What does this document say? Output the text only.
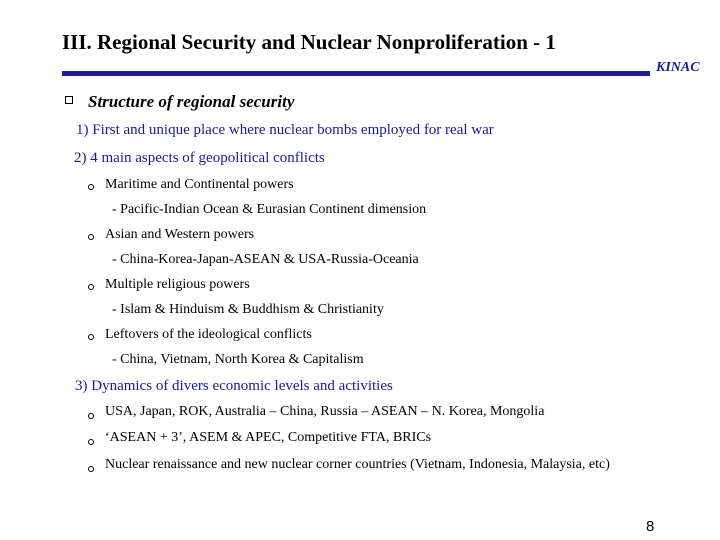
III. Regional Security and Nuclear Nonproliferation - 1
KINAC
Structure of regional security
1) First and unique place where nuclear bombs employed for real war
2) 4 main aspects of geopolitical conflicts
Maritime and Continental powers
- Pacific-Indian Ocean & Eurasian Continent dimension
Asian and Western powers
- China-Korea-Japan-ASEAN & USA-Russia-Oceania
Multiple religious powers
- Islam & Hinduism & Buddhism & Christianity
Leftovers of the ideological conflicts
- China, Vietnam, North Korea & Capitalism
3) Dynamics of divers economic levels and activities
USA, Japan, ROK, Australia – China, Russia – ASEAN – N. Korea, Mongolia
‘ASEAN + 3’, ASEM & APEC, Competitive FTA, BRICs
Nuclear renaissance and new nuclear corner countries (Vietnam, Indonesia, Malaysia, etc)
8
